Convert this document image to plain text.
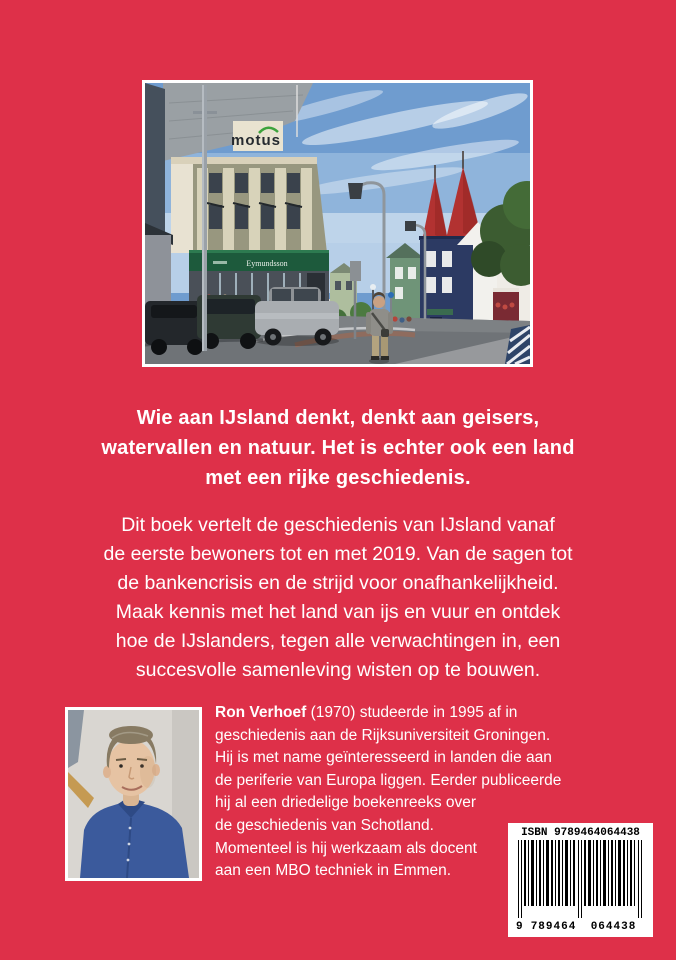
motus
Eymundsson
Wie aan IJsland denkt, denkt aan geisers,
watervallen en natuur. Het is echter ook een land
met een rijke geschiedenis.
Dit boek vertelt de geschiedenis van IJsland vanaf
de eerste bewoners tot en met 2019. Van de sagen tot
de bankencrisis en de strijd voor onafhankelijkheid.
Maak kennis met het land van ijs en vuur en ontdek
hoe de IJslanders, tegen alle verwachtingen in, een
succesvolle samenleving wisten op te bouwen.
Ron Verhoef (1970) studeerde in 1995 af in
geschiedenis aan de Rijksuniversiteit Groningen.
Hij is met name geïnteresseerd in landen die aan
de periferie van Europa liggen. Eerder publiceerde
hij al een driedelige boekenreeks over
de geschiedenis van Schotland.
Momenteel is hij werkzaam als docent
aan een MBO techniek in Emmen.
ISBN 9789464064438
9 789464	064438
